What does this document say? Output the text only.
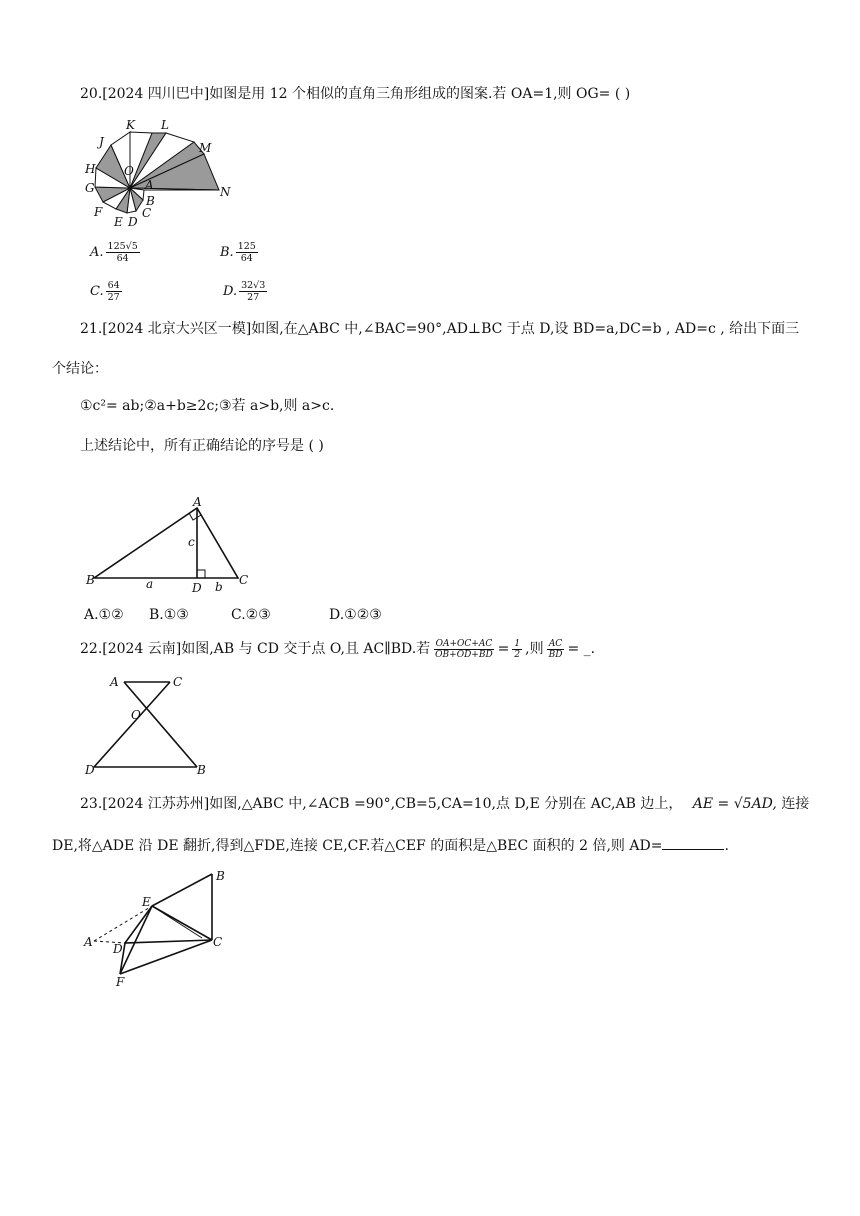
20.[2024 四川巴中]如图是用 12 个相似的直角三角形组成的图案.若 OA=1,则 OG= ( )
K L
J	M
O
H
G	A	N
F
B
E D
C
A. $\frac{125√5}{64}$	B. $\frac{125}{64}$
C. $\frac{64}{27}$	D. $\frac{32√3}{27}$
21.[2024 北京大兴区一模]如图,在△ABC 中,∠BAC=90°,AD⊥BC 于点 D,设 BD=a,DC=b , AD=c , 给出下面三
个结论：
①c²= ab;②a+b≥2c;③若 a>b,则 a>c.
上述结论中，所有正确结论的序号是 ( )
A
c
B	a	D b C
A.①② B.①③	C.②③	D.①②③
22.[2024 云南]如图,AB 与 CD 交于点 O,且 AC∥BD.若 $\frac{OA+OC+AC}{OB+OD+BD} = \frac{1}{2}$ ,则 $\frac{AC}{BD}$ = _.
A	C
O
D	B
23.[2024 江苏苏州]如图,△ABC 中,∠ACB =90°,CB=5,CA=10,点 D,E 分别在 AC,AB 边上， AE = √5AD, 连接
DE,将△ADE 沿 DE 翻折,得到△FDE,连接 CE,CF.若△CEF 的面积是△BEC 面积的 2 倍,则 AD=	.
B
E
A D	C
F
